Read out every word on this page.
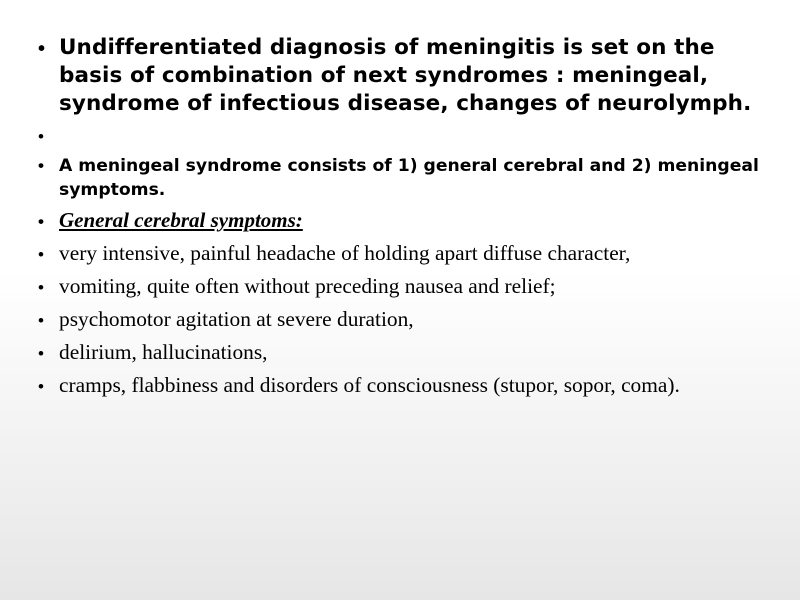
• Undifferentiated diagnosis of meningitis is set on the basis of combination of next syndromes : meningeal, syndrome of infectious disease, changes of neurolymph.
•
• A meningeal syndrome consists of 1) general cerebral and 2) meningeal symptoms.
• General cerebral symptoms:
• very intensive, painful headache of holding apart diffuse character,
• vomiting, quite often without preceding nausea and relief;
• psychomotor agitation at severe duration,
• delirium, hallucinations,
• cramps, flabbiness and disorders of consciousness (stupor, sopor, coma).
